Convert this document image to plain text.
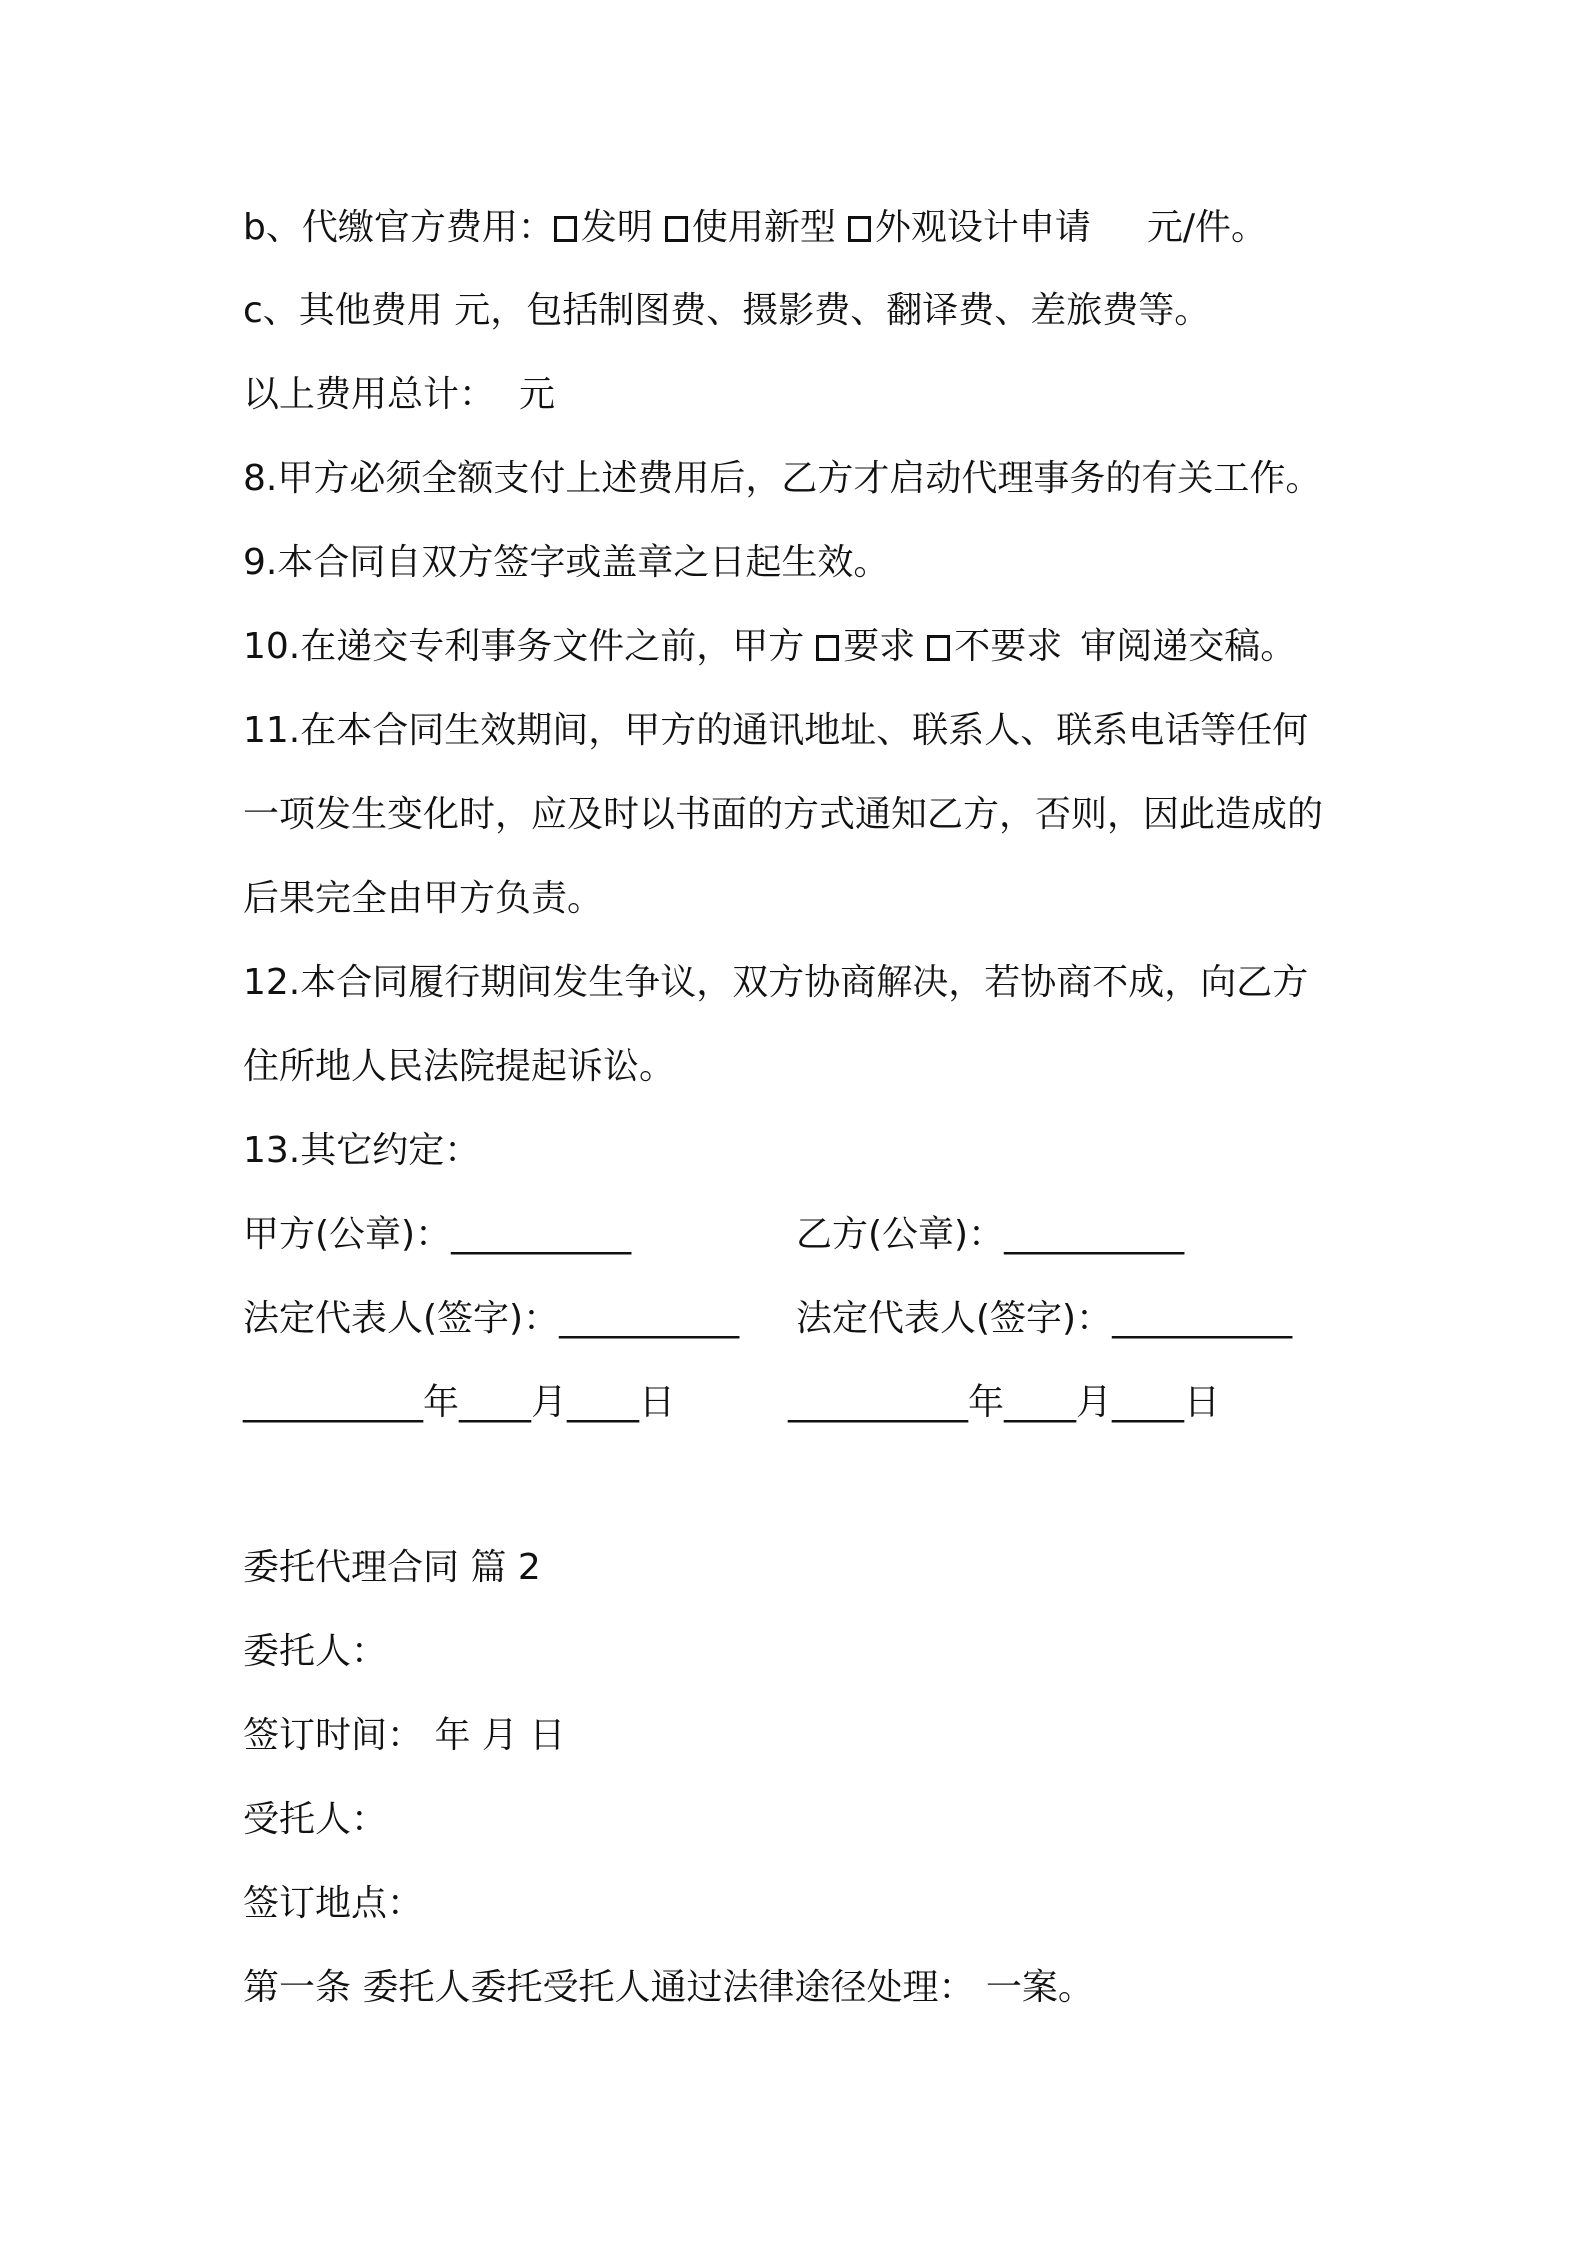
b、代缴官方费用： 发明 使用新型 外观设计申请 元/件。
c、其他费用 元，包括制图费、摄影费、翻译费、差旅费等。
以上费用总计： 元
8.甲方必须全额支付上述费用后，乙方才启动代理事务的有关工作。
9.本合同自双方签字或盖章之日起生效。
10.在递交专利事务文件之前，甲方 要求 不要求 审阅递交稿。
11.在本合同生效期间，甲方的通讯地址、联系人、联系电话等任何
一项发生变化时，应及时以书面的方式通知乙方，否则，因此造成的
后果完全由甲方负责。
12.本合同履行期间发生争议，双方协商解决，若协商不成，向乙方
住所地人民法院提起诉讼。
13.其它约定：
甲方(公章)：__________	乙方(公章)：__________
法定代表人(签字)：__________ 法定代表人(签字)：__________
__________年____月____日	__________年____月____日
委托代理合同 篇 2
委托人：
签订时间： 年 月 日
受托人：
签订地点：
第一条 委托人委托受托人通过法律途径处理： 一案。
